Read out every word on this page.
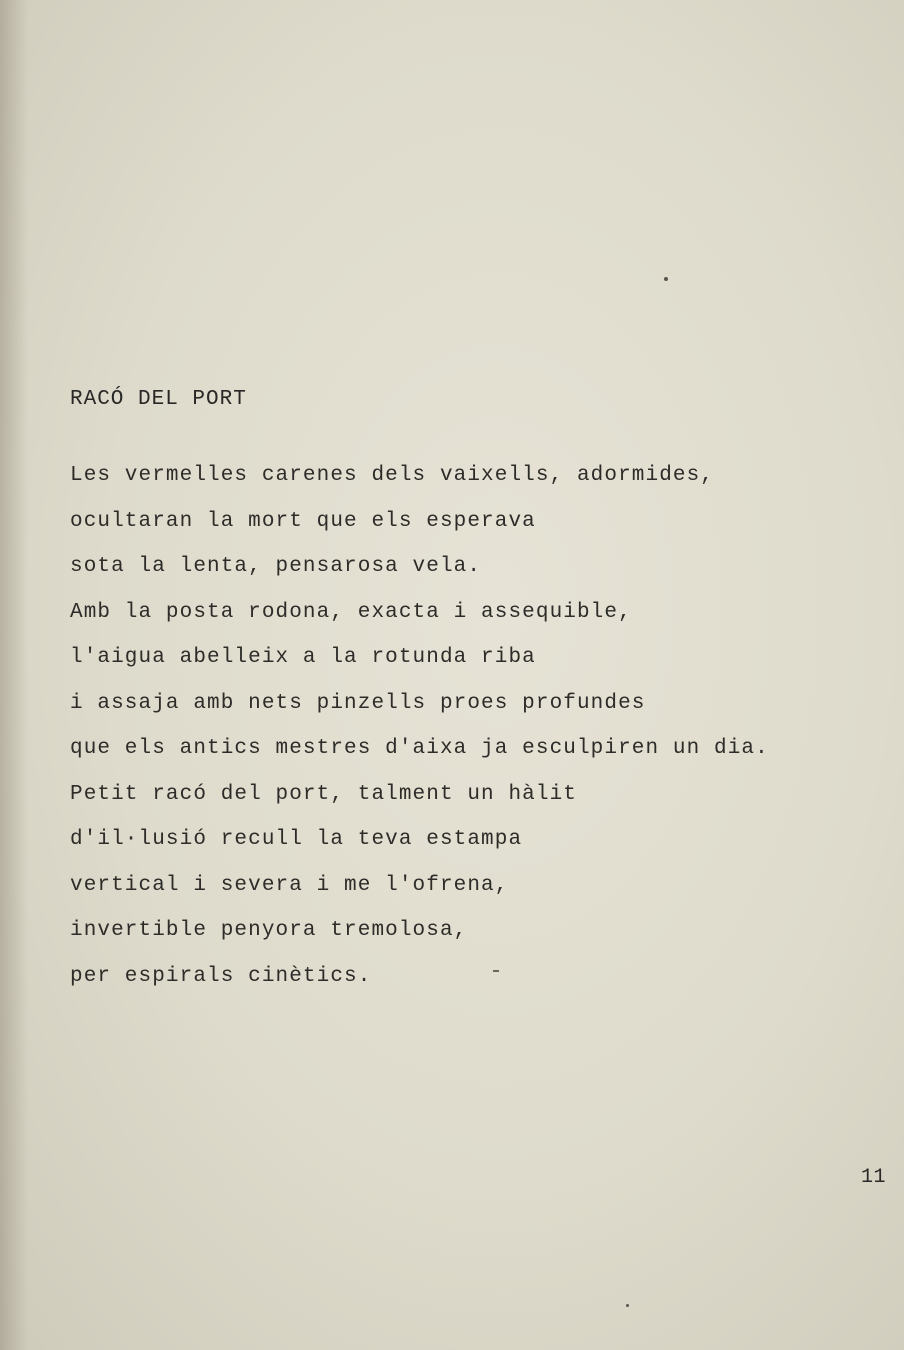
RACÓ DEL PORT
Les vermelles carenes dels vaixells, adormides,
ocultaran la mort que els esperava
sota la lenta, pensarosa vela.
Amb la posta rodona, exacta i assequible,
l'aigua abelleix a la rotunda riba
i assaja amb nets pinzells proes profundes
que els antics mestres d'aixa ja esculpiren un dia.
Petit racó del port, talment un hàlit
d'il·lusió recull la teva estampa
vertical i severa i me l'ofrena,
invertible penyora tremolosa,
per espirals cinètics.
11
